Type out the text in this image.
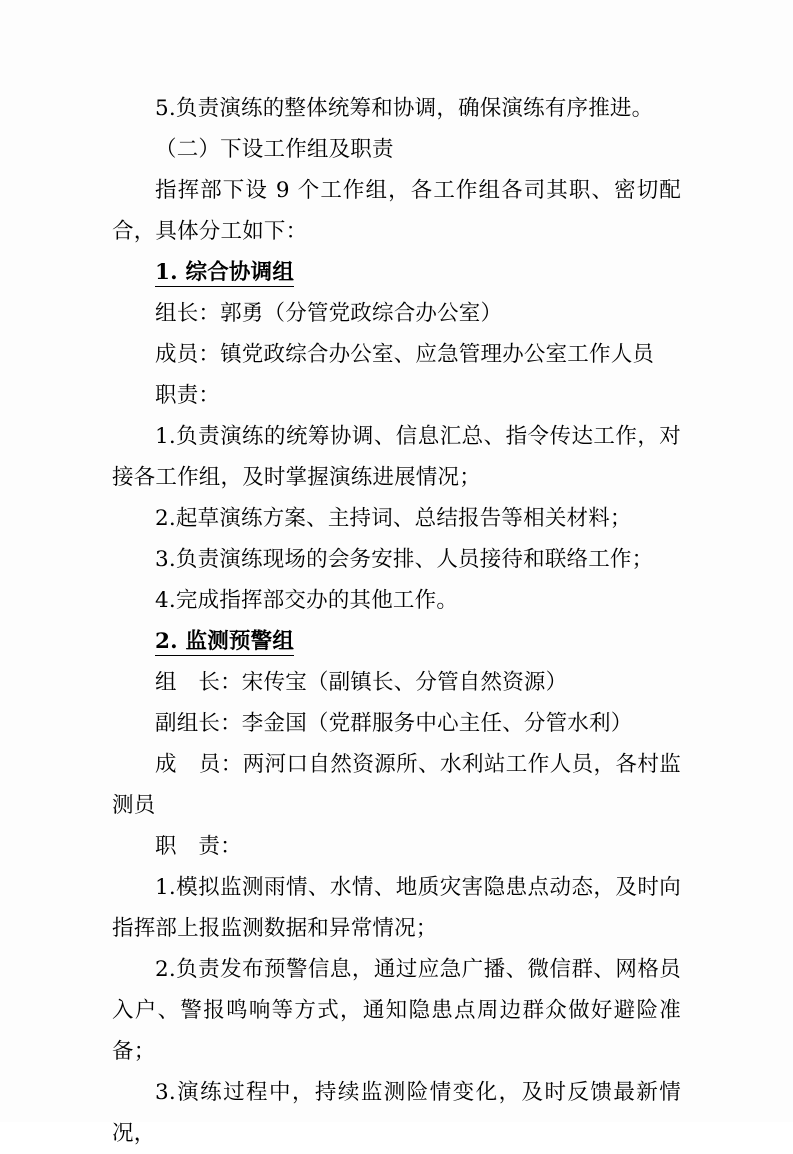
5.负责演练的整体统筹和协调，确保演练有序推进。

（二）下设工作组及职责

指挥部下设 9 个工作组，各工作组各司其职、密切配合，具体分工如下：

1. 综合协调组

组长：郭勇（分管党政综合办公室）

成员：镇党政综合办公室、应急管理办公室工作人员

职责：

1.负责演练的统筹协调、信息汇总、指令传达工作，对接各工作组，及时掌握演练进展情况；

2.起草演练方案、主持词、总结报告等相关材料；

3.负责演练现场的会务安排、人员接待和联络工作；

4.完成指挥部交办的其他工作。

2. 监测预警组

组　长：宋传宝（副镇长、分管自然资源）

副组长：李金国（党群服务中心主任、分管水利）

成　员：两河口自然资源所、水利站工作人员，各村监测员

职　责：

1.模拟监测雨情、水情、地质灾害隐患点动态，及时向指挥部上报监测数据和异常情况；

2.负责发布预警信息，通过应急广播、微信群、网格员入户、警报鸣响等方式，通知隐患点周边群众做好避险准备；

3.演练过程中，持续监测险情变化，及时反馈最新情况，
